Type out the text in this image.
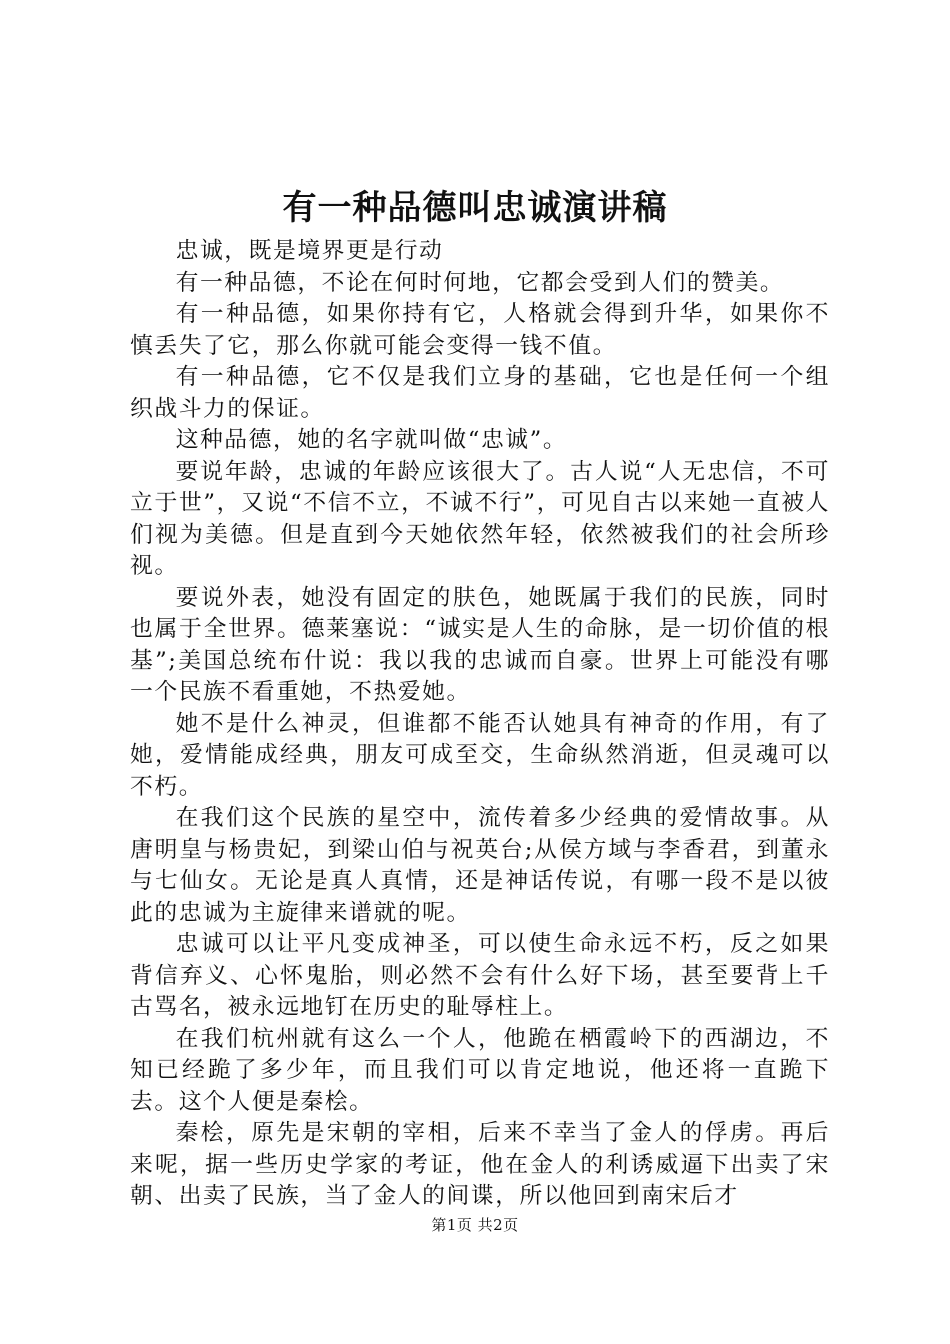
有一种品德叫忠诚演讲稿

忠诚，既是境界更是行动

有一种品德，不论在何时何地，它都会受到人们的赞美。

有一种品德，如果你持有它，人格就会得到升华，如果你不慎丢失了它，那么你就可能会变得一钱不值。

有一种品德，它不仅是我们立身的基础，它也是任何一个组织战斗力的保证。

这种品德，她的名字就叫做“忠诚”。

要说年龄，忠诚的年龄应该很大了。古人说“人无忠信，不可立于世”，又说“不信不立，不诚不行”，可见自古以来她一直被人们视为美德。但是直到今天她依然年轻，依然被我们的社会所珍视。

要说外表，她没有固定的肤色，她既属于我们的民族，同时也属于全世界。德莱塞说：“诚实是人生的命脉，是一切价值的根基”;美国总统布什说：我以我的忠诚而自豪。世界上可能没有哪一个民族不看重她，不热爱她。

她不是什么神灵，但谁都不能否认她具有神奇的作用，有了她，爱情能成经典，朋友可成至交，生命纵然消逝，但灵魂可以不朽。

在我们这个民族的星空中，流传着多少经典的爱情故事。从唐明皇与杨贵妃，到梁山伯与祝英台;从侯方域与李香君，到董永与七仙女。无论是真人真情，还是神话传说，有哪一段不是以彼此的忠诚为主旋律来谱就的呢。

忠诚可以让平凡变成神圣，可以使生命永远不朽，反之如果背信弃义、心怀鬼胎，则必然不会有什么好下场，甚至要背上千古骂名，被永远地钉在历史的耻辱柱上。

在我们杭州就有这么一个人，他跪在栖霞岭下的西湖边，不知已经跪了多少年，而且我们可以肯定地说，他还将一直跪下去。这个人便是秦桧。

秦桧，原先是宋朝的宰相，后来不幸当了金人的俘虏。再后来呢，据一些历史学家的考证，他在金人的利诱威逼下出卖了宋朝、出卖了民族，当了金人的间谍，所以他回到南宋后才

第1页 共2页
